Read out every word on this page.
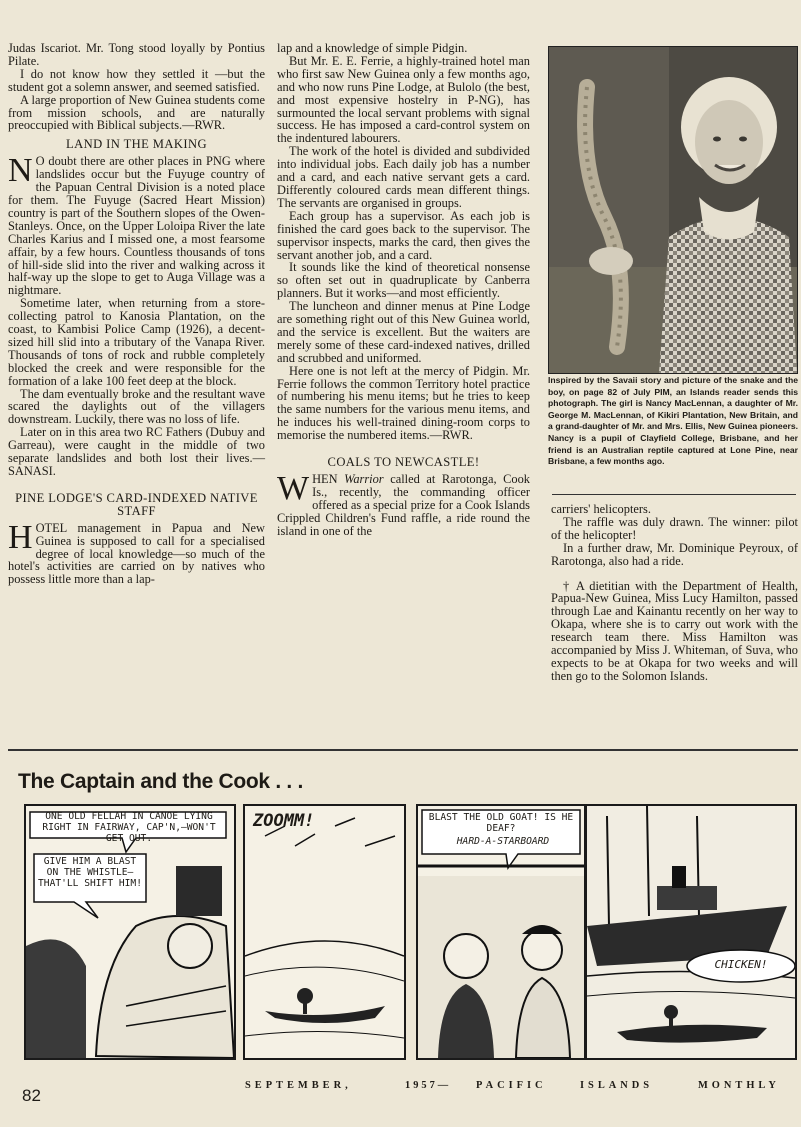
Judas Iscariot. Mr. Tong stood loyally by Pontius Pilate.

I do not know how they settled it —but the student got a solemn answer, and seemed satisfied.

A large proportion of New Guinea students come from mission schools, and are naturally preoccupied with Biblical subjects.—RWR.

LAND IN THE MAKING

N O doubt there are other places in PNG where landslides occur but the Fuyuge country of the Papuan Central Division is a noted place for them. The Fuyuge (Sacred Heart Mission) country is part of the Southern slopes of the Owen-Stanleys. Once, on the Upper Loloipa River the late Charles Karius and I missed one, a most fearsome affair, by a few hours. Countless thousands of tons of hill-side slid into the river and walking across it half-way up the slope to get to Auga Village was a nightmare.

Sometime later, when returning from a store-collecting patrol to Kanosia Plantation, on the coast, to Kambisi Police Camp (1926), a decent-sized hill slid into a tributary of the Vanapa River. Thousands of tons of rock and rubble completely blocked the creek and were responsible for the formation of a lake 100 feet deep at the block.

The dam eventually broke and the resultant wave scared the daylights out of the villagers downstream. Luckily, there was no loss of life.

Later on in this area two RC Fathers (Dubuy and Garreau), were caught in the middle of two separate landslides and both lost their lives.—SANASI.

PINE LODGE'S CARD-INDEXED NATIVE STAFF

HOTEL management in Papua and New Guinea is supposed to call for a specialised degree of local knowledge—so much of the hotel's activities are carried on by natives who possess little more than a lap-

lap and a knowledge of simple Pidgin.

But Mr. E. E. Ferrie, a highly-trained hotel man who first saw New Guinea only a few months ago, and who now runs Pine Lodge, at Bulolo (the best, and most expensive hostelry in P-NG), has surmounted the local servant problems with signal success. He has imposed a card-control system on the indentured labourers.

The work of the hotel is divided and subdivided into individual jobs. Each daily job has a number and a card, and each native servant gets a card. Differently coloured cards mean different things. The servants are organised in groups.

Each group has a supervisor. As each job is finished the card goes back to the supervisor. The supervisor inspects, marks the card, then gives the servant another job, and a card.

It sounds like the kind of theoretical nonsense so often set out in quadruplicate by Canberra planners. But it works—and most efficiently.

The luncheon and dinner menus at Pine Lodge are something right out of this New Guinea world, and the service is excellent. But the waiters are merely some of these card-indexed natives, drilled and scrubbed and uniformed.

Here one is not left at the mercy of Pidgin. Mr. Ferrie follows the common Territory hotel practice of numbering his menu items; but he tries to keep the same numbers for the various menu items, and he induces his well-trained dining-room corps to memorise the numbered items.—RWR.

COALS TO NEWCASTLE!

WHEN Warrior called at Rarotonga, Cook Is., recently, the commanding officer offered as a special prize for a Cook Islands Crippled Children's Fund raffle, a ride round the island in one of the

Inspired by the Savaii story and picture of the snake and the boy, on page 82 of July PIM, an Islands reader sends this photograph. The girl is Nancy MacLennan, a daughter of Mr. George M. MacLennan, of Kikiri Plantation, New Britain, and a grand-daughter of Mr. and Mrs. Ellis, New Guinea pioneers. Nancy is a pupil of Clayfield College, Brisbane, and her friend is an Australian reptile captured at Lone Pine, near Brisbane, a few months ago.

carriers' helicopters.

The raffle was duly drawn. The winner: pilot of the helicopter!

In a further draw, Mr. Dominique Peyroux, of Rarotonga, also had a ride.

† A dietitian with the Department of Health, Papua-New Guinea, Miss Lucy Hamilton, passed through Lae and Kainantu recently on her way to Okapa, where she is to carry out work with the research team there. Miss Hamilton was accompanied by Miss J. Whiteman, of Suva, who expects to be at Okapa for two weeks and will then go to the Solomon Islands.

The Captain and the Cook . . .
ONE OLD FELLAH IN CANOE LYING RIGHT IN FAIRWAY, CAP'N,—WON'T GET OUT.
GIVE HIM A BLAST ON THE WHISTLE—THAT'LL SHIFT HIM!
ZOOMM!	BLAST THE OLD GOAT! IS HE DEAF?
HARD-A-STARBOARD
CHICKEN!
82
SEPTEMBER,	1957— PACIFIC	ISLANDS	MONTHLY
